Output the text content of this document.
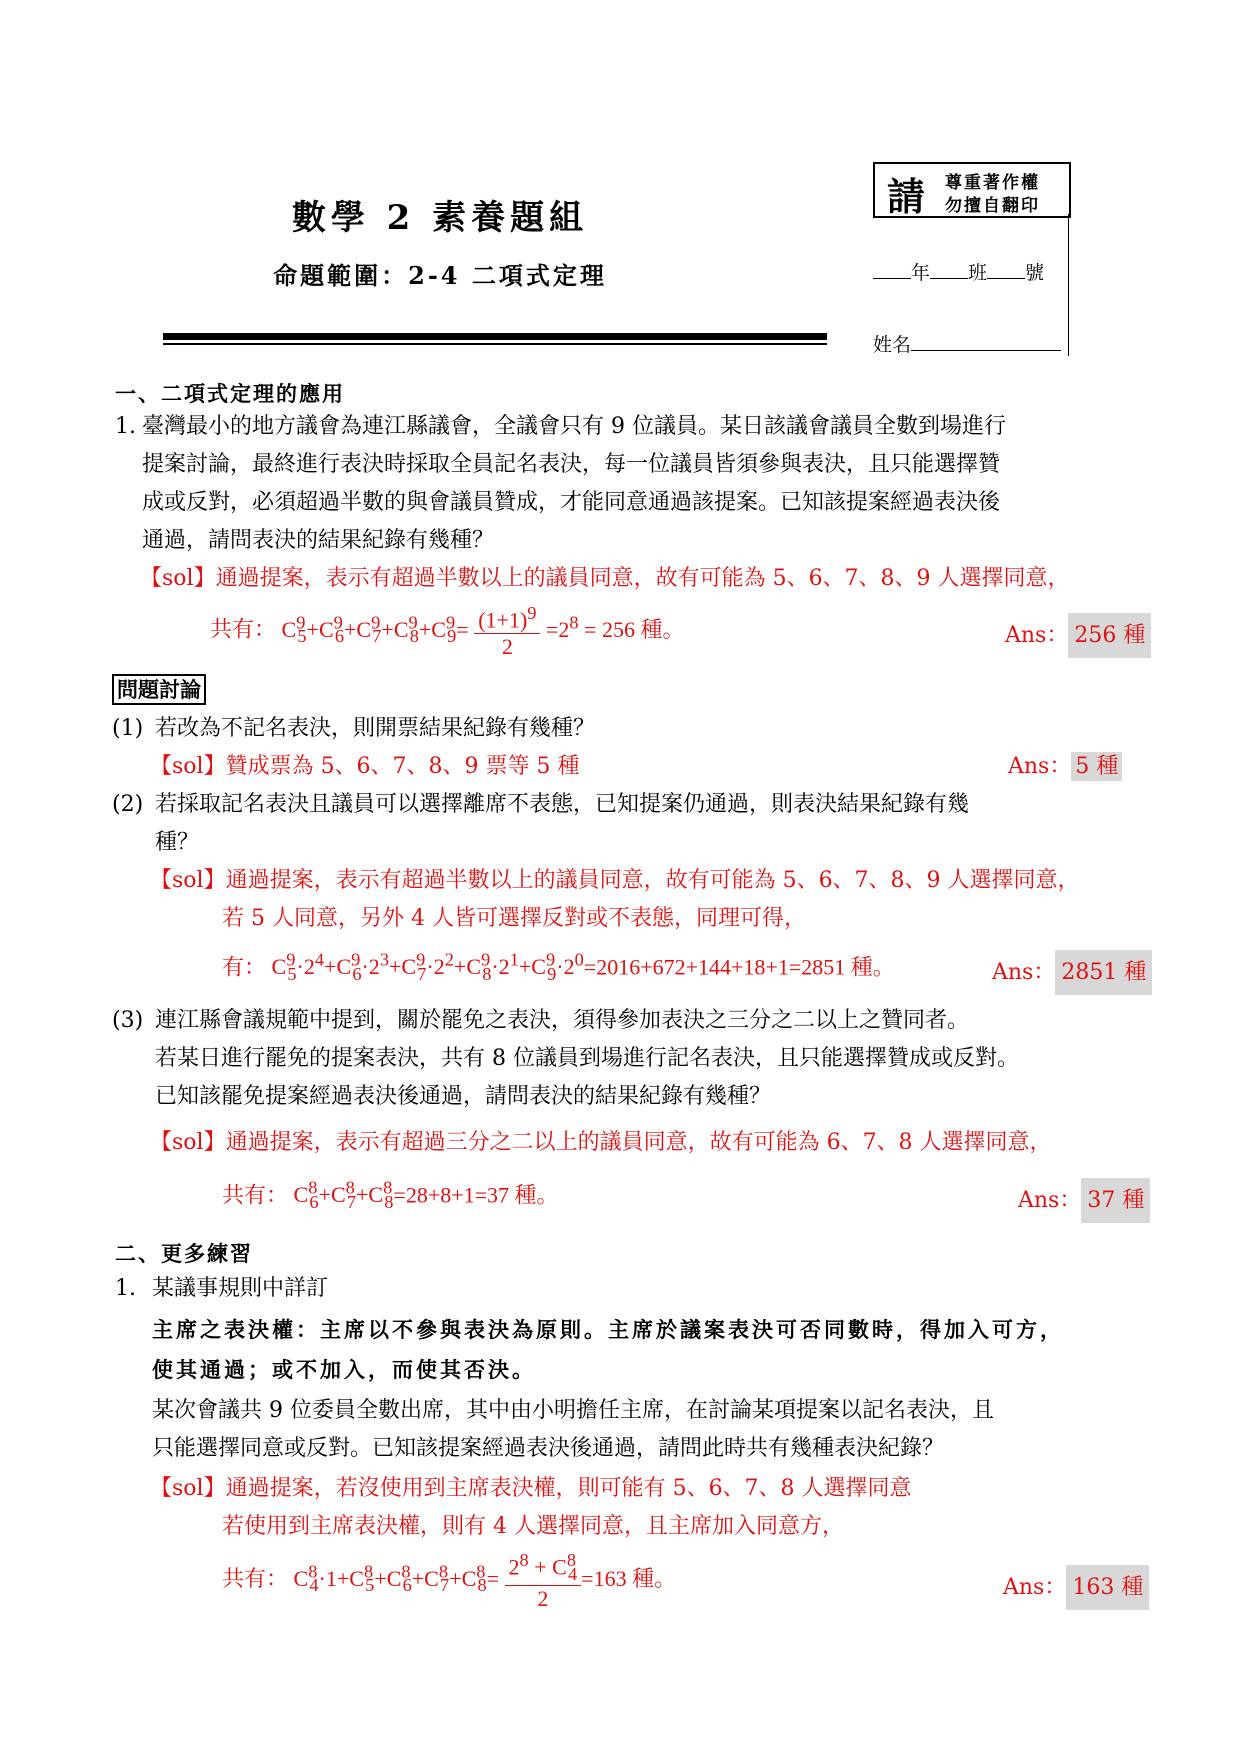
數學 2 素養題組
命題範圍：2-4 二項式定理
請 尊重著作權
勿擅自翻印
年 班 號
姓名
一、二項式定理的應用
1. 臺灣最小的地方議會為連江縣議會，全議會只有 9 位議員。某日該議會議員全數到場進行
提案討論，最終進行表決時採取全員記名表決，每一位議員皆須參與表決，且只能選擇贊
成或反對，必須超過半數的與會議員贊成，才能同意通過該提案。已知該提案經過表決後
通過，請問表決的結果紀錄有幾種？
【sol】通過提案，表示有超過半數以上的議員同意，故有可能為 5、6、7、8、9 人選擇同意，
共有： $C^9_5+C^9_6+C^9_7+C^9_8+C^9_9= \frac{(1+1)^9}{2} =2^8 = 256$ 種。	Ans： 256 種
問題討論
(1) 若改為不記名表決，則開票結果紀錄有幾種？
【sol】贊成票為 5、6、7、8、9 票等 5 種	Ans： 5 種
(2) 若採取記名表決且議員可以選擇離席不表態，已知提案仍通過，則表決結果紀錄有幾
種？
【sol】通過提案，表示有超過半數以上的議員同意，故有可能為 5、6、7、8、9 人選擇同意，
若 5 人同意，另外 4 人皆可選擇反對或不表態，同理可得，
有： $C^9_5\cdot 2^4+C^9_6\cdot 2^3+C^9_7\cdot 2^2+C^9_8\cdot 2^1+C^9_9\cdot 2^0=2016+672+144+18+1=2851$ 種。	Ans： 2851 種
(3) 連江縣會議規範中提到，關於罷免之表決，須得參加表決之三分之二以上之贊同者。
若某日進行罷免的提案表決，共有 8 位議員到場進行記名表決，且只能選擇贊成或反對。
已知該罷免提案經過表決後通過，請問表決的結果紀錄有幾種？
【sol】通過提案，表示有超過三分之二以上的議員同意，故有可能為 6、7、8 人選擇同意，
共有： $C^8_6+C^8_7+C^8_8=28+8+1=37$ 種。	Ans： 37 種
二、更多練習
1. 某議事規則中詳訂
主席之表決權：主席以不參與表決為原則。主席於議案表決可否同數時，得加入可方，
使其通過；或不加入，而使其否決。
某次會議共 9 位委員全數出席，其中由小明擔任主席，在討論某項提案以記名表決，且
只能選擇同意或反對。已知該提案經過表決後通過，請問此時共有幾種表決紀錄？
【sol】通過提案，若沒使用到主席表決權，則可能有 5、6、7、8 人選擇同意
若使用到主席表決權，則有 4 人選擇同意，且主席加入同意方，
共有： $C^8_4\cdot 1+C^8_5+C^8_6+C^8_7+C^8_8= \frac{2^8 + C^8_4}{2} =163$ 種。	Ans： 163 種
